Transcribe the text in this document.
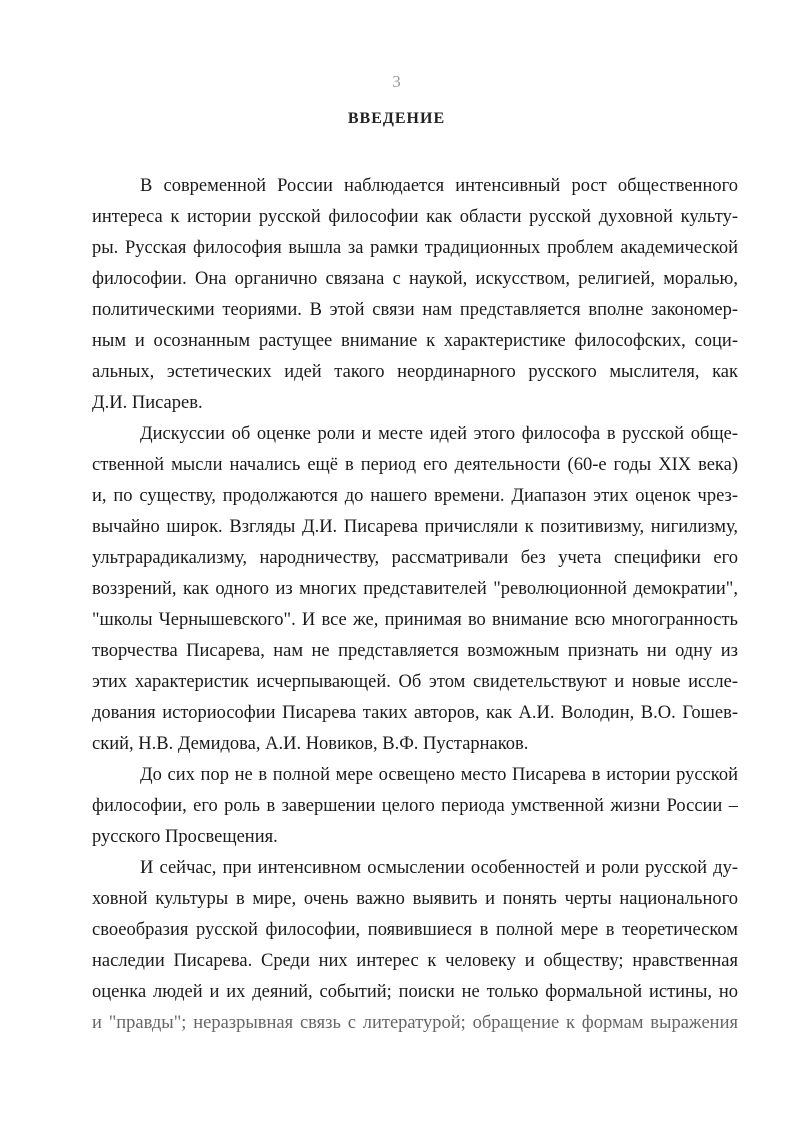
3
ВВЕДЕНИЕ
В современной России наблюдается интенсивный рост общественного
интереса к истории русской философии как области русской духовной культу-
ры. Русская философия вышла за рамки традиционных проблем академической
философии. Она органично связана с наукой, искусством, религией, моралью,
политическими теориями. В этой связи нам представляется вполне закономер-
ным и осознанным растущее внимание к характеристике философских, соци-
альных, эстетических идей такого неординарного русского мыслителя, как
Д.И. Писарев.
Дискуссии об оценке роли и месте идей этого философа в русской обще-
ственной мысли начались ещё в период его деятельности (60-е годы XIX века)
и, по существу, продолжаются до нашего времени. Диапазон этих оценок чрез-
вычайно широк. Взгляды Д.И. Писарева причисляли к позитивизму, нигилизму,
ультрарадикализму, народничеству, рассматривали без учета специфики его
воззрений, как одного из многих представителей "революционной демократии",
"школы Чернышевского". И все же, принимая во внимание всю многогранность
творчества Писарева, нам не представляется возможным признать ни одну из
этих характеристик исчерпывающей. Об этом свидетельствуют и новые иссле-
дования историософии Писарева таких авторов, как А.И. Володин, В.О. Гошев-
ский, Н.В. Демидова, А.И. Новиков, В.Ф. Пустарнаков.
До сих пор не в полной мере освещено место Писарева в истории русской
философии, его роль в завершении целого периода умственной жизни России –
русского Просвещения.
И сейчас, при интенсивном осмыслении особенностей и роли русской ду-
ховной культуры в мире, очень важно выявить и понять черты национального
своеобразия русской философии, появившиеся в полной мере в теоретическом
наследии Писарева. Среди них интерес к человеку и обществу; нравственная
оценка людей и их деяний, событий; поиски не только формальной истины, но
и "правды"; неразрывная связь с литературой; обращение к формам выражения
